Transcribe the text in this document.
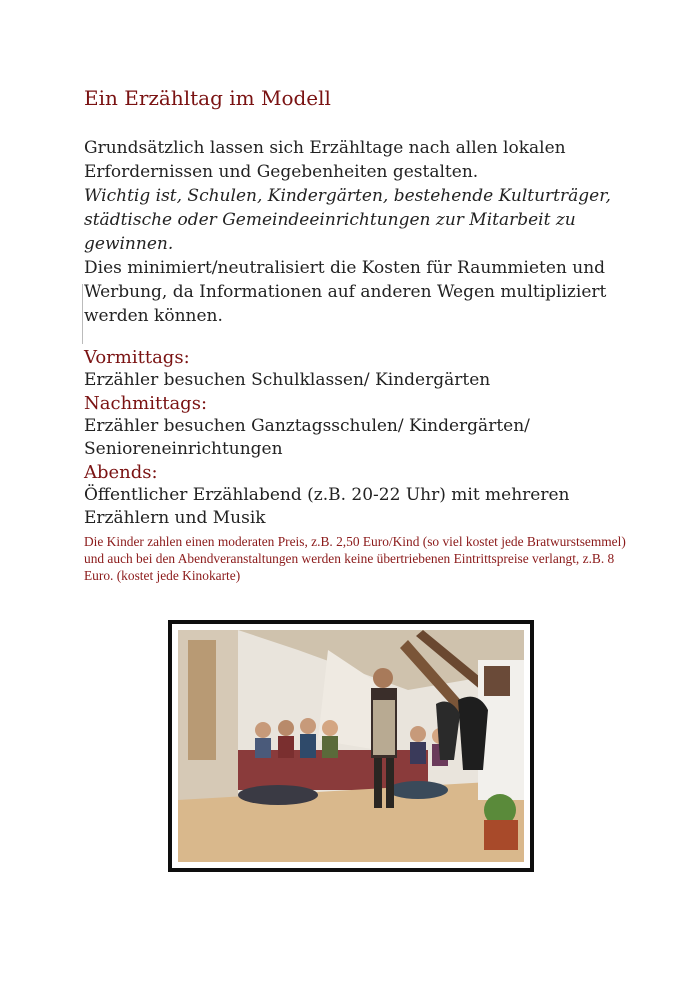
Ein Erzähltag im Modell

Grundsätzlich lassen sich Erzähltage nach allen lokalen Erfordernissen und Gegebenheiten gestalten.

Wichtig ist, Schulen, Kindergärten, bestehende Kulturträger, städtische oder Gemeindeeinrichtungen zur Mitarbeit zu gewinnen.

Dies minimiert/neutralisiert die Kosten für Raummieten und Werbung, da Informationen auf anderen Wegen multipliziert werden können.

Vormittags:

Erzähler besuchen Schulklassen/ Kindergärten

Nachmittags:

Erzähler besuchen Ganztagsschulen/ Kindergärten/ Senioreneinrichtungen

Abends:

Öffentlicher Erzählabend (z.B. 20-22 Uhr) mit mehreren Erzählern und Musik

Die Kinder zahlen einen moderaten Preis, z.B. 2,50 Euro/Kind (so viel kostet jede Bratwurstsemmel) und auch bei den Abendveranstaltungen werden keine übertriebenen Eintrittspreise verlangt, z.B. 8 Euro. (kostet jede Kinokarte)
